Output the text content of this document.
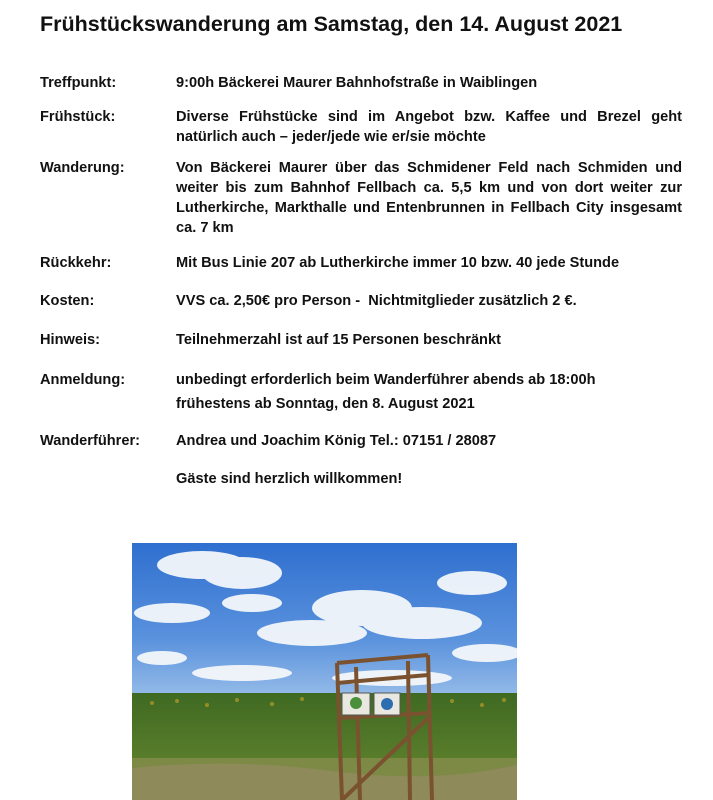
Frühstückswanderung am Samstag, den 14. August 2021
Treffpunkt:	9:00h Bäckerei Maurer Bahnhofstraße in Waiblingen
Frühstück:	Diverse Frühstücke sind im Angebot bzw. Kaffee und Brezel geht natürlich auch – jeder/jede wie er/sie möchte
Wanderung:	Von Bäckerei Maurer über das Schmidener Feld nach Schmiden und weiter bis zum Bahnhof Fellbach ca. 5,5 km und von dort weiter zur Lutherkirche, Markthalle und Entenbrunnen in Fellbach City insgesamt ca. 7 km
Rückkehr:	Mit Bus Linie 207 ab Lutherkirche immer 10 bzw. 40 jede Stunde
Kosten:	VVS ca. 2,50€ pro Person -  Nichtmitglieder zusätzlich 2 €.
Hinweis:	Teilnehmerzahl ist auf 15 Personen beschränkt
Anmeldung:	unbedingt erforderlich beim Wanderführer abends ab 18:00h
frühestens ab Sonntag, den 8. August 2021
Wanderführer: Andrea und Joachim König Tel.: 07151 / 28087
Gäste sind herzlich willkommen!
